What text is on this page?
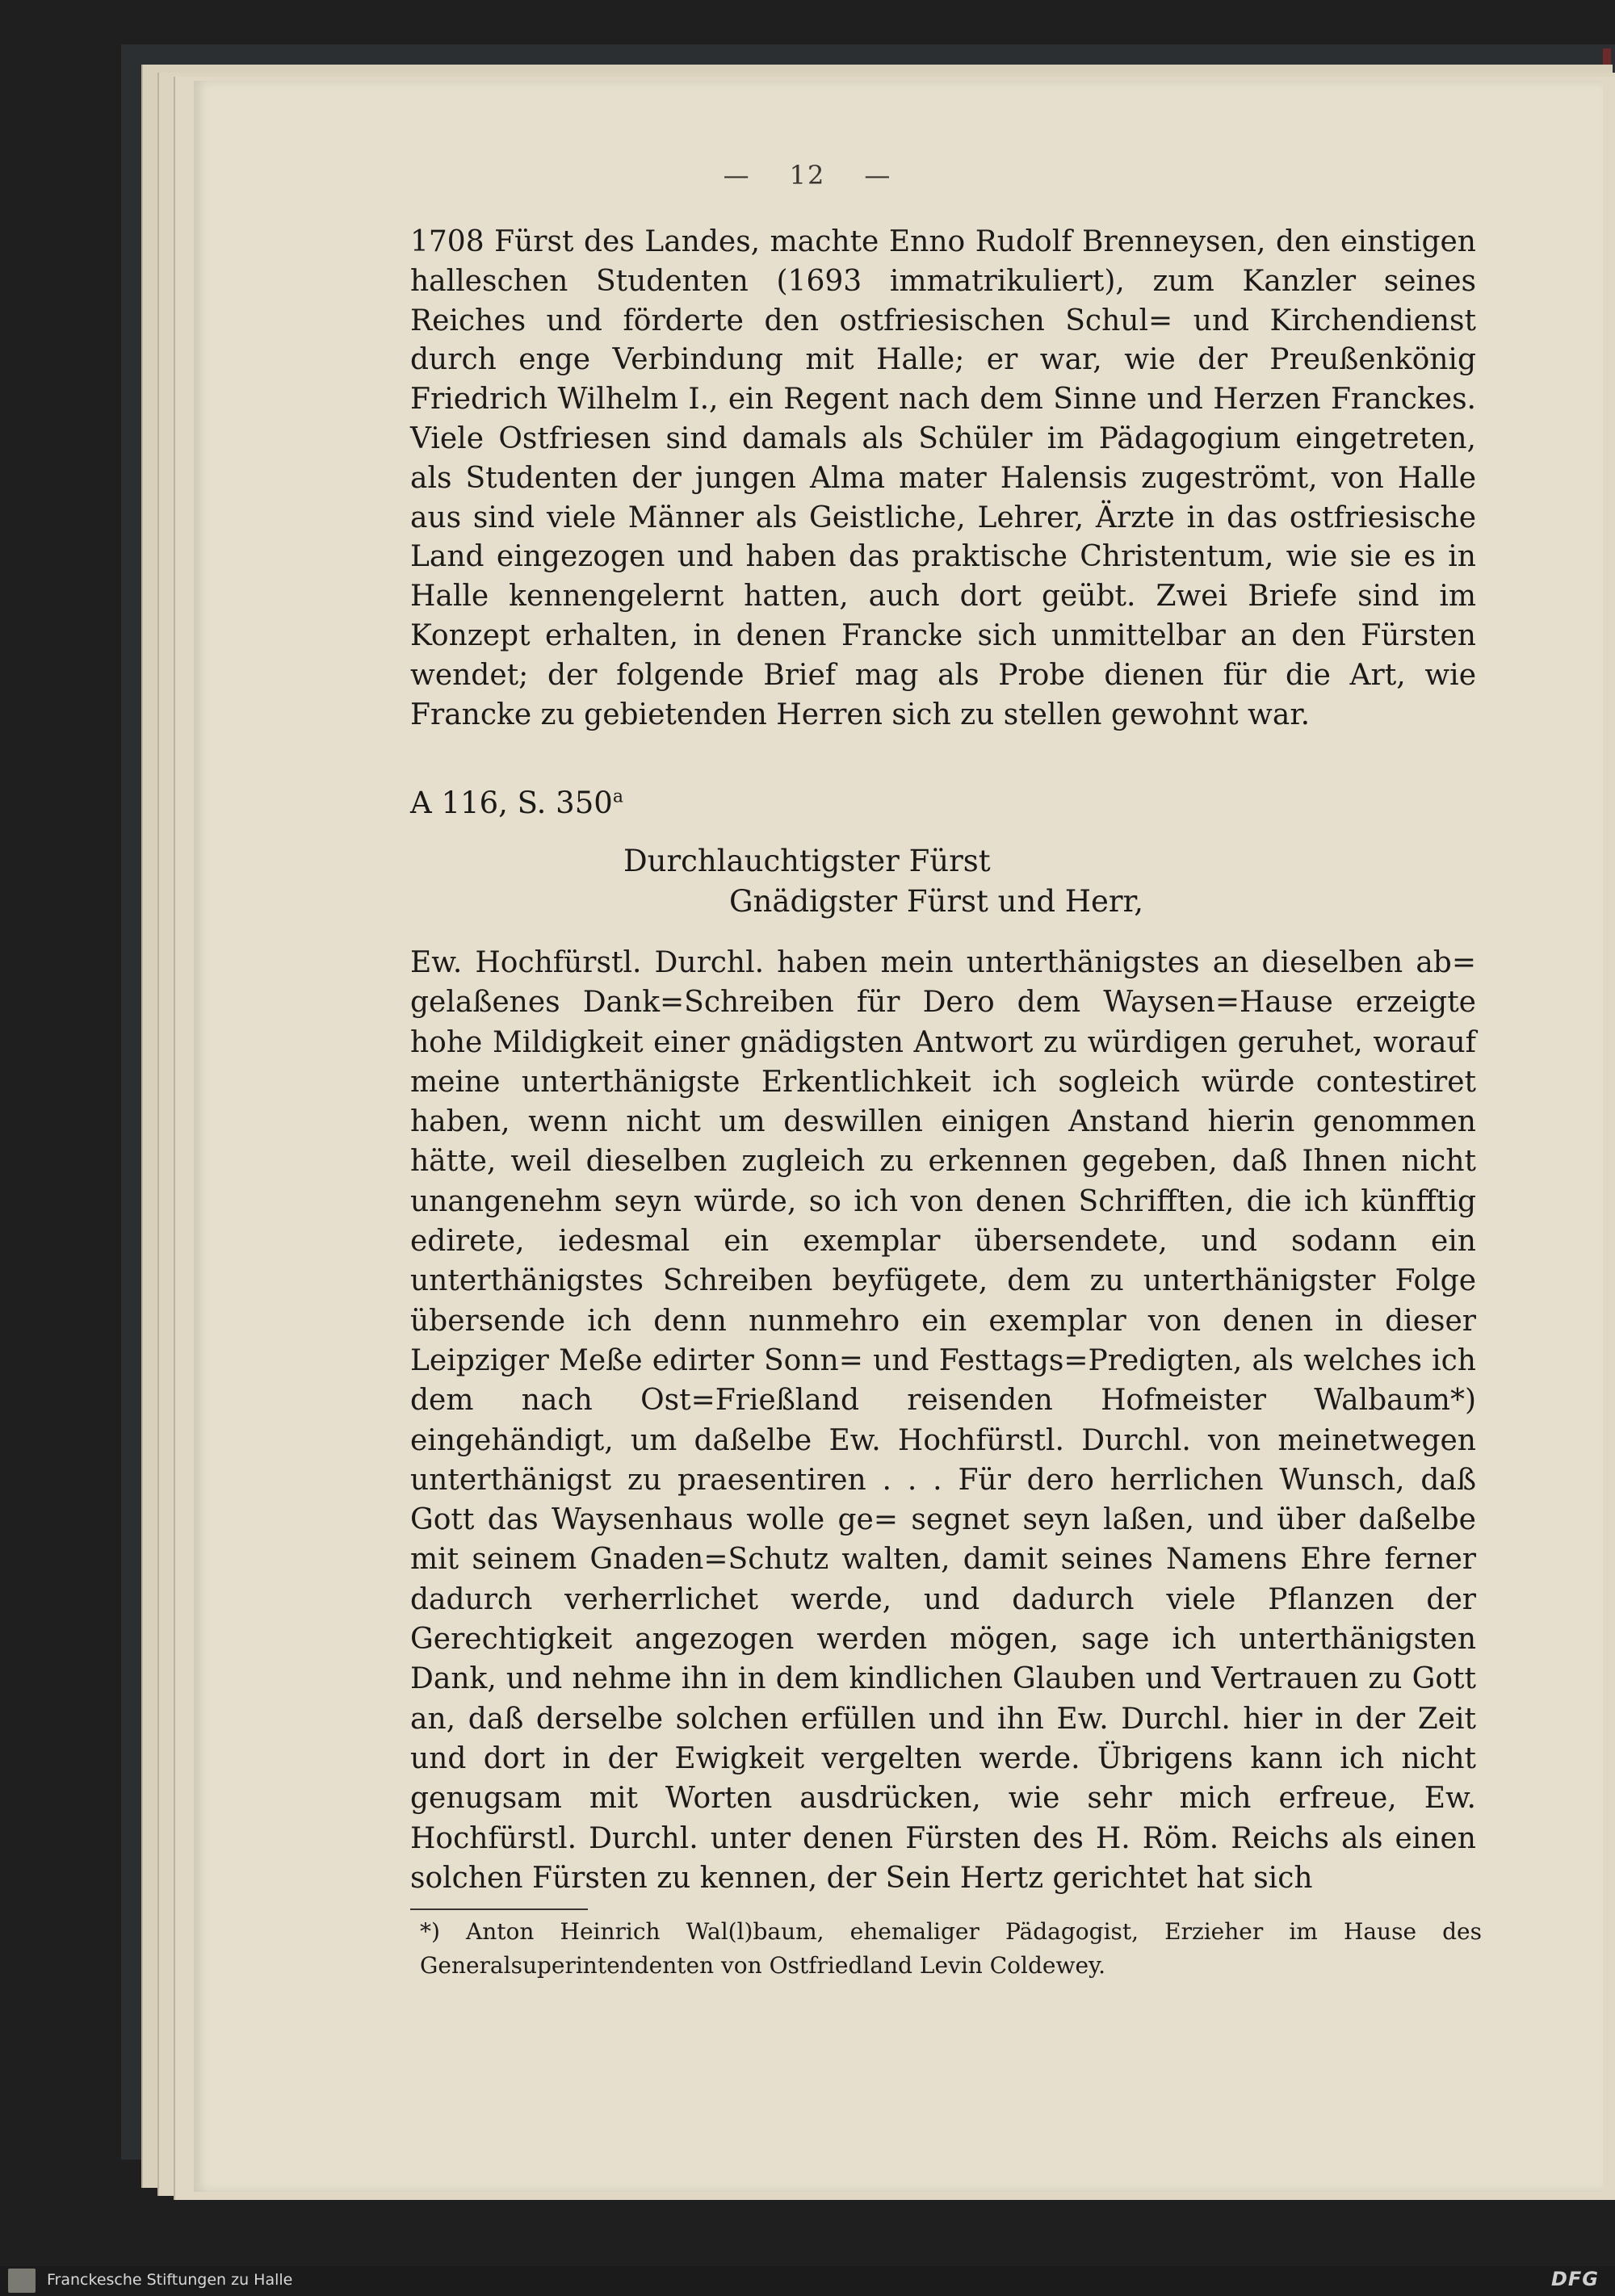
— 12 —
1708 Fürst des Landes, machte Enno Rudolf Brenneysen, den einstigen halleschen Studenten (1693 immatrikuliert), zum Kanzler seines Reiches und förderte den ostfriesischen Schul= und Kirchendienst durch enge Verbindung mit Halle; er war, wie der Preußenkönig Friedrich Wilhelm I., ein Regent nach dem Sinne und Herzen Franckes. Viele Ostfriesen sind damals als Schüler im Pädagogium eingetreten, als Studenten der jungen Alma mater Halensis zugeströmt, von Halle aus sind viele Männer als Geistliche, Lehrer, Ärzte in das ostfriesische Land eingezogen und haben das praktische Christentum, wie sie es in Halle kennengelernt hatten, auch dort geübt. Zwei Briefe sind im Konzept erhalten, in denen Francke sich unmittelbar an den Fürsten wendet; der folgende Brief mag als Probe dienen für die Art, wie Francke zu gebietenden Herren sich zu stellen gewohnt war.
A 116, S. 350$^a$
Durchlauchtigster Fürst
Gnädigster Fürst und Herr,
Ew. Hochfürstl. Durchl. haben mein unterthänigstes an dieselben ab= gelaßenes Dank=Schreiben für Dero dem Waysen=Hause erzeigte hohe Mildigkeit einer gnädigsten Antwort zu würdigen geruhet, worauf meine unterthänigste Erkentlichkeit ich sogleich würde contestiret haben, wenn nicht um deswillen einigen Anstand hierin genommen hätte, weil dieselben zugleich zu erkennen gegeben, daß Ihnen nicht unangenehm seyn würde, so ich von denen Schrifften, die ich künfftig edirete, iedesmal ein exemplar übersendete, und sodann ein unterthänigstes Schreiben beyfügete, dem zu unterthänigster Folge übersende ich denn nunmehro ein exemplar von denen in dieser Leipziger Meße edirter Sonn= und Festtags=Predigten, als welches ich dem nach Ost=Frießland reisenden Hofmeister Walbaum*) eingehändigt, um daßelbe Ew. Hochfürstl. Durchl. von meinetwegen unterthänigst zu praesentiren . . . Für dero herrlichen Wunsch, daß Gott das Waysenhaus wolle ge= segnet seyn laßen, und über daßelbe mit seinem Gnaden=Schutz walten, damit seines Namens Ehre ferner dadurch verherrlichet werde, und dadurch viele Pflanzen der Gerechtigkeit angezogen werden mögen, sage ich unterthänigsten Dank, und nehme ihn in dem kindlichen Glauben und Vertrauen zu Gott an, daß derselbe solchen erfüllen und ihn Ew. Durchl. hier in der Zeit und dort in der Ewigkeit vergelten werde. Übrigens kann ich nicht genugsam mit Worten ausdrücken, wie sehr mich erfreue, Ew. Hochfürstl. Durchl. unter denen Fürsten des H. Röm. Reichs als einen solchen Fürsten zu kennen, der Sein Hertz gerichtet hat sich
*) Anton Heinrich Wal(l)baum, ehemaliger Pädagogist, Erzieher im Hause des Generalsuperintendenten von Ostfriedland Levin Coldewey.
Franckesche Stiftungen zu Halle	DFG
